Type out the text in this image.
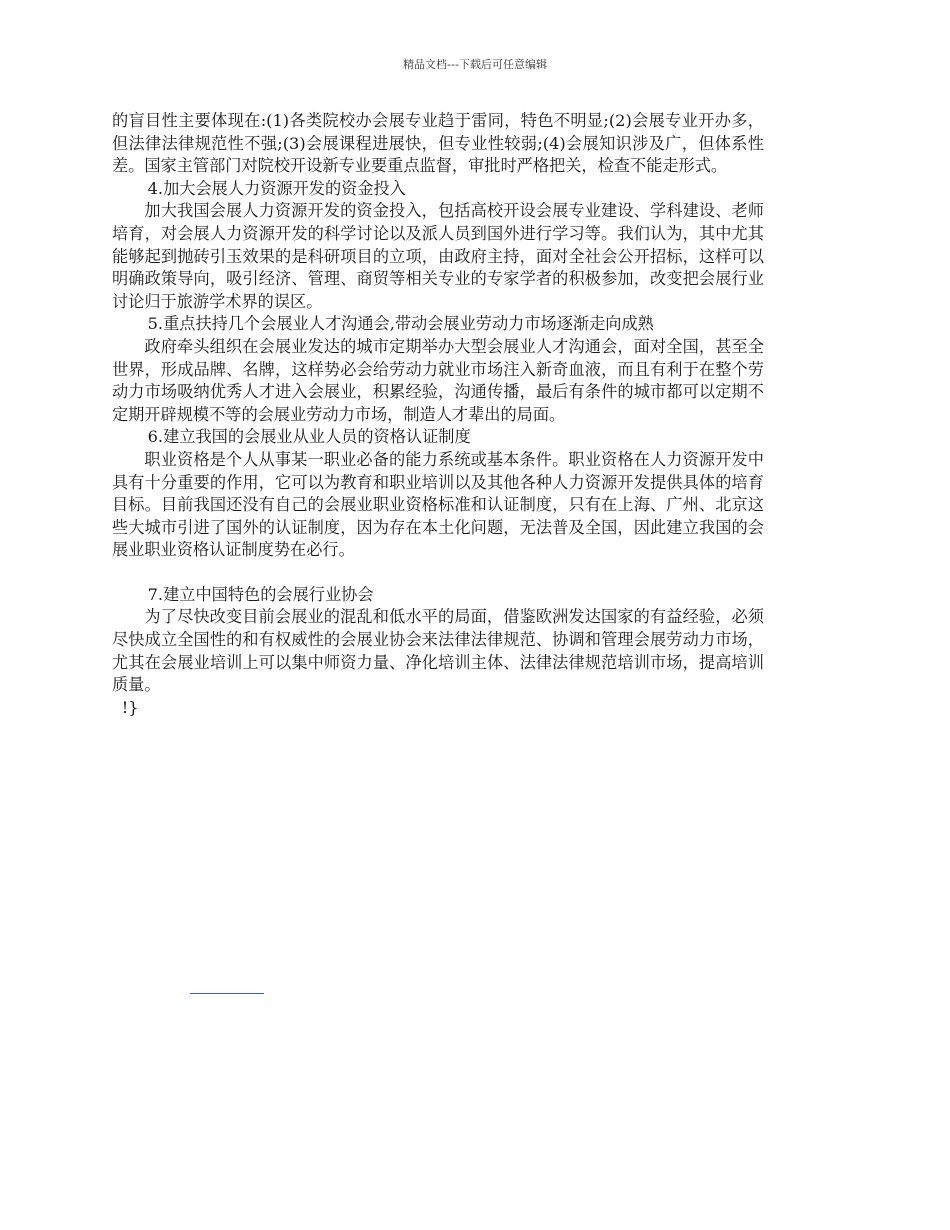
精品文档---下载后可任意编辑

的盲目性主要体现在:(1)各类院校办会展专业趋于雷同，特色不明显;(2)会展专业开办多，但法律法律规范性不强;(3)会展课程进展快，但专业性较弱;(4)会展知识涉及广，但体系性差。国家主管部门对院校开设新专业要重点监督，审批时严格把关，检查不能走形式。

4.加大会展人力资源开发的资金投入

加大我国会展人力资源开发的资金投入，包括高校开设会展专业建设、学科建设、老师培育，对会展人力资源开发的科学讨论以及派人员到国外进行学习等。我们认为，其中尤其能够起到抛砖引玉效果的是科研项目的立项，由政府主持，面对全社会公开招标，这样可以明确政策导向，吸引经济、管理、商贸等相关专业的专家学者的积极参加，改变把会展行业讨论归于旅游学术界的误区。

5.重点扶持几个会展业人才沟通会,带动会展业劳动力市场逐渐走向成熟

政府牵头组织在会展业发达的城市定期举办大型会展业人才沟通会，面对全国，甚至全世界，形成品牌、名牌，这样势必会给劳动力就业市场注入新奇血液，而且有利于在整个劳动力市场吸纳优秀人才进入会展业，积累经验，沟通传播，最后有条件的城市都可以定期不定期开辟规模不等的会展业劳动力市场，制造人才辈出的局面。

6.建立我国的会展业从业人员的资格认证制度

职业资格是个人从事某一职业必备的能力系统或基本条件。职业资格在人力资源开发中具有十分重要的作用，它可以为教育和职业培训以及其他各种人力资源开发提供具体的培育目标。目前我国还没有自己的会展业职业资格标准和认证制度，只有在上海、广州、北京这些大城市引进了国外的认证制度，因为存在本土化问题，无法普及全国，因此建立我国的会展业职业资格认证制度势在必行。

7.建立中国特色的会展行业协会

为了尽快改变目前会展业的混乱和低水平的局面，借鉴欧洲发达国家的有益经验，必须尽快成立全国性的和有权威性的会展业协会来法律法律规范、协调和管理会展劳动力市场，尤其在会展业培训上可以集中师资力量、净化培训主体、法律法律规范培训市场，提高培训质量。

!}
